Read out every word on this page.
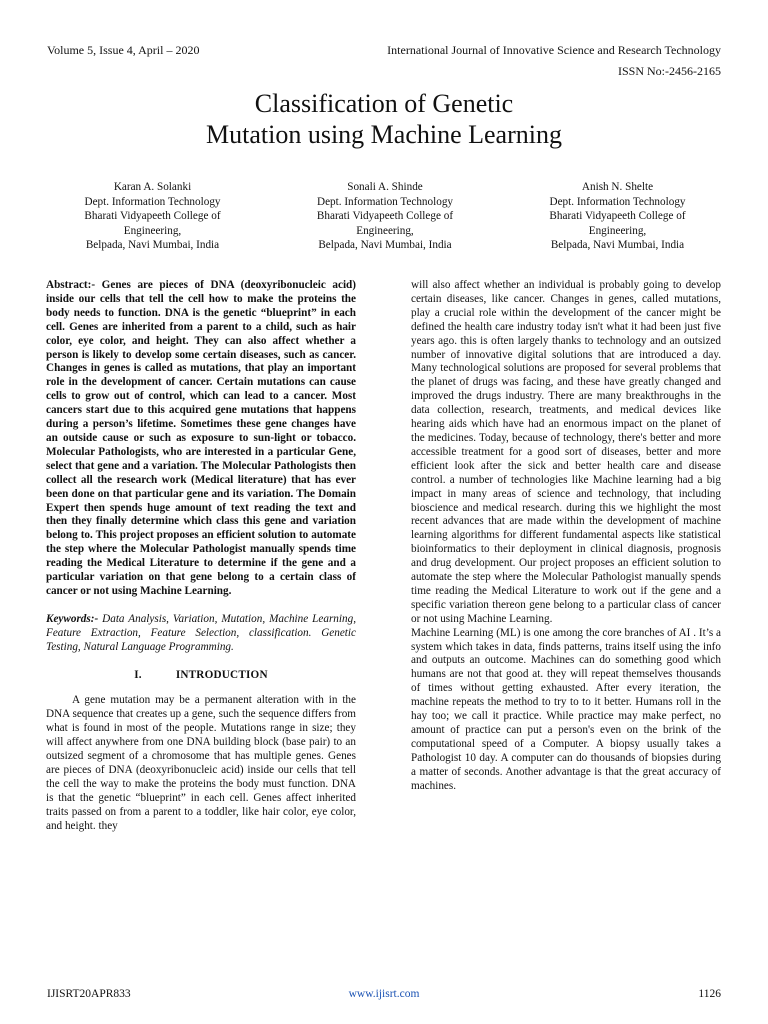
Volume 5, Issue 4, April – 2020	International Journal of Innovative Science and Research Technology
ISSN No:-2456-2165
Classification of Genetic
Mutation using Machine Learning
Karan A. Solanki
Dept. Information Technology
Bharati Vidyapeeth College of
Engineering,
Belpada, Navi Mumbai, India
Sonali A. Shinde
Dept. Information Technology
Bharati Vidyapeeth College of
Engineering,
Belpada, Navi Mumbai, India
Anish N. Shelte
Dept. Information Technology
Bharati Vidyapeeth College of
Engineering,
Belpada, Navi Mumbai, India

Abstract:- Genes are pieces of DNA (deoxyribonucleic acid) inside our cells that tell the cell how to make the proteins the body needs to function. DNA is the genetic “blueprint” in each cell. Genes are inherited from a parent to a child, such as hair color, eye color, and height. They can also affect whether a person is likely to develop some certain diseases, such as cancer. Changes in genes is called as mutations, that play an important role in the development of cancer. Certain mutations can cause cells to grow out of control, which can lead to a cancer. Most cancers start due to this acquired gene mutations that happens during a person’s lifetime. Sometimes these gene changes have an outside cause or such as exposure to sun-light or tobacco. Molecular Pathologists, who are interested in a particular Gene, select that gene and a variation. The Molecular Pathologists then collect all the research work (Medical literature) that has ever been done on that particular gene and its variation. The Domain Expert then spends huge amount of text reading the text and then they finally determine which class this gene and variation belong to. This project proposes an efficient solution to automate the step where the Molecular Pathologist manually spends time reading the Medical Literature to determine if the gene and a particular variation on that gene belong to a certain class of cancer or not using Machine Learning.

Keywords:- Data Analysis, Variation, Mutation, Machine Learning, Feature Extraction, Feature Selection, classification. Genetic Testing, Natural Language Programming.

I.	INTRODUCTION

A gene mutation may be a permanent alteration with in the DNA sequence that creates up a gene, such the sequence differs from what is found in most of the people. Mutations range in size; they will affect anywhere from one DNA building block (base pair) to an outsized segment of a chromosome that has multiple genes. Genes are pieces of DNA (deoxyribonucleic acid) inside our cells that tell the cell the way to make the proteins the body must function. DNA is that the genetic “blueprint” in each cell. Genes affect inherited traits passed on from a parent to a toddler, like hair color, eye color, and height. they

will also affect whether an individual is probably going to develop certain diseases, like cancer. Changes in genes, called mutations, play a crucial role within the development of the cancer might be defined the health care industry today isn't what it had been just five years ago. this is often largely thanks to technology and an outsized number of innovative digital solutions that are introduced a day. Many technological solutions are proposed for several problems that the planet of drugs was facing, and these have greatly changed and improved the drugs industry. There are many breakthroughs in the data collection, research, treatments, and medical devices like hearing aids which have had an enormous impact on the planet of the medicines. Today, because of technology, there's better and more accessible treatment for a good sort of diseases, better and more efficient look after the sick and better health care and disease control. a number of technologies like Machine learning had a big impact in many areas of science and technology, that including bioscience and medical research. during this we highlight the most recent advances that are made within the development of machine learning algorithms for different fundamental aspects like statistical bioinformatics to their deployment in clinical diagnosis, prognosis and drug development. Our project proposes an efficient solution to automate the step where the Molecular Pathologist manually spends time reading the Medical Literature to work out if the gene and a specific variation thereon gene belong to a particular class of cancer or not using Machine Learning.

Machine Learning (ML) is one among the core branches of AI . It’s a system which takes in data, finds patterns, trains itself using the info and outputs an outcome. Machines can do something good which humans are not that good at. they will repeat themselves thousands of times without getting exhausted. After every iteration, the machine repeats the method to try to to it better. Humans roll in the hay too; we call it practice. While practice may make perfect, no amount of practice can put a person's even on the brink of the computational speed of a Computer. A biopsy usually takes a Pathologist 10 day. A computer can do thousands of biopsies during a matter of seconds. Another advantage is that the great accuracy of machines.

IJISRT20APR833	www.ijisrt.com	1126
